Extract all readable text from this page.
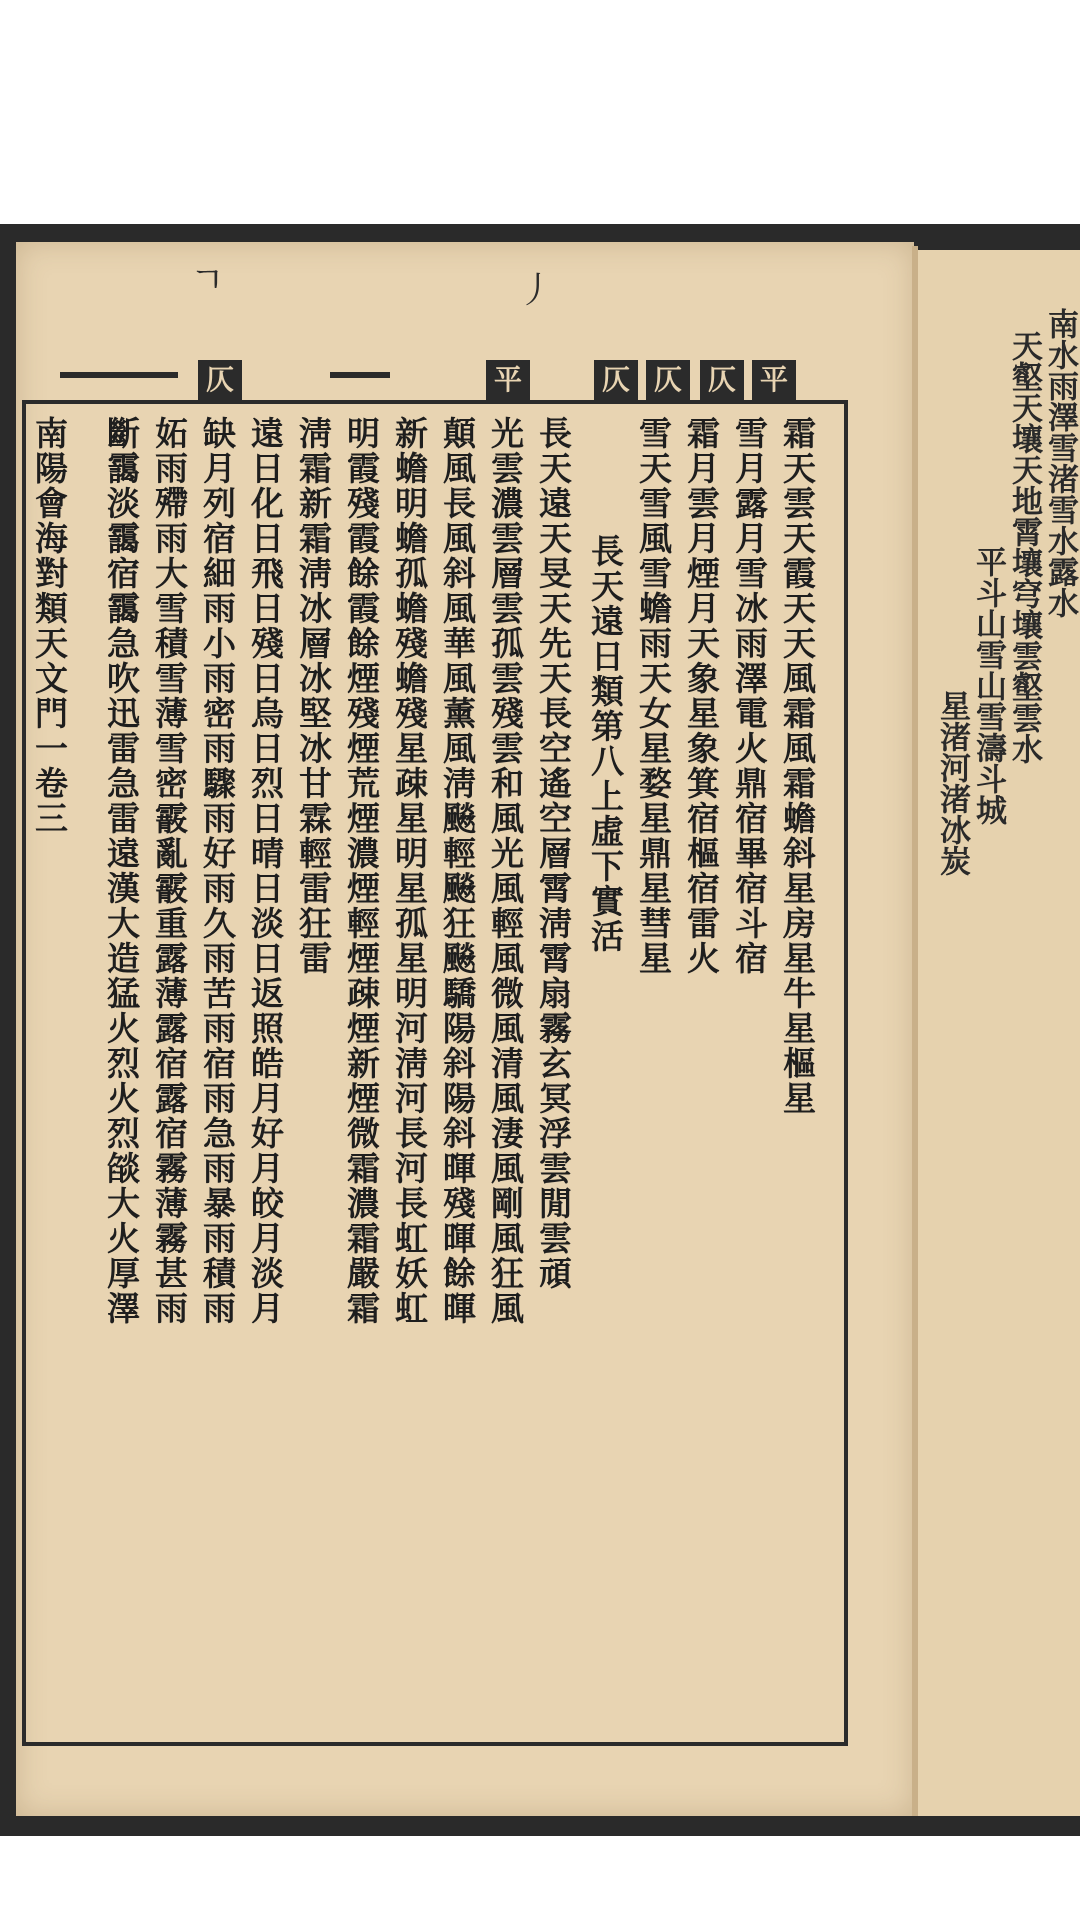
南水雨澤雪渚雪水露水
天壑天壤天地霄壤穹壤雲壑雲水
平斗山雪山雪濤斗城
星渚河渚冰炭
ㄱ	丿
仄	平	仄 仄 仄 平
霜天雲天霞天天風霜風霜蟾斜星房星牛星樞星
雪月露月雪冰雨澤電火鼎宿畢宿斗宿
霜月雲月煙月天象星象箕宿樞宿雷火
雪天雪風雪蟾雨天女星婺星鼎星彗星
長天遠日類第八上虛下實活
長天遠天旻天先天長空遙空層霄淸霄扇霧玄冥浮雲閒雲頑
光雲濃雲層雲孤雲殘雲和風光風輕風微風清風淒風剛風狂風
顛風長風斜風華風薰風淸飈輕飈狂飈驕陽斜陽斜暉殘暉餘暉
新蟾明蟾孤蟾殘蟾殘星疎星明星孤星明河淸河長河長虹妖虹
明霞殘霞餘霞餘煙殘煙荒煙濃煙輕煙疎煙新煙微霜濃霜嚴霜
淸霜新霜淸冰層冰堅冰甘霖輕雷狂雷
遠日化日飛日殘日烏日烈日晴日淡日返照皓月好月皎月淡月
缺月列宿細雨小雨密雨驟雨好雨久雨苦雨宿雨急雨暴雨積雨
妬雨殢雨大雪積雪薄雪密霰亂霰重露薄露宿露宿霧薄霧甚雨
斷靄淡靄宿靄急吹迅雷急雷遠漢大造猛火烈火烈燄大火厚澤
南陽會海對類天文門一卷三
